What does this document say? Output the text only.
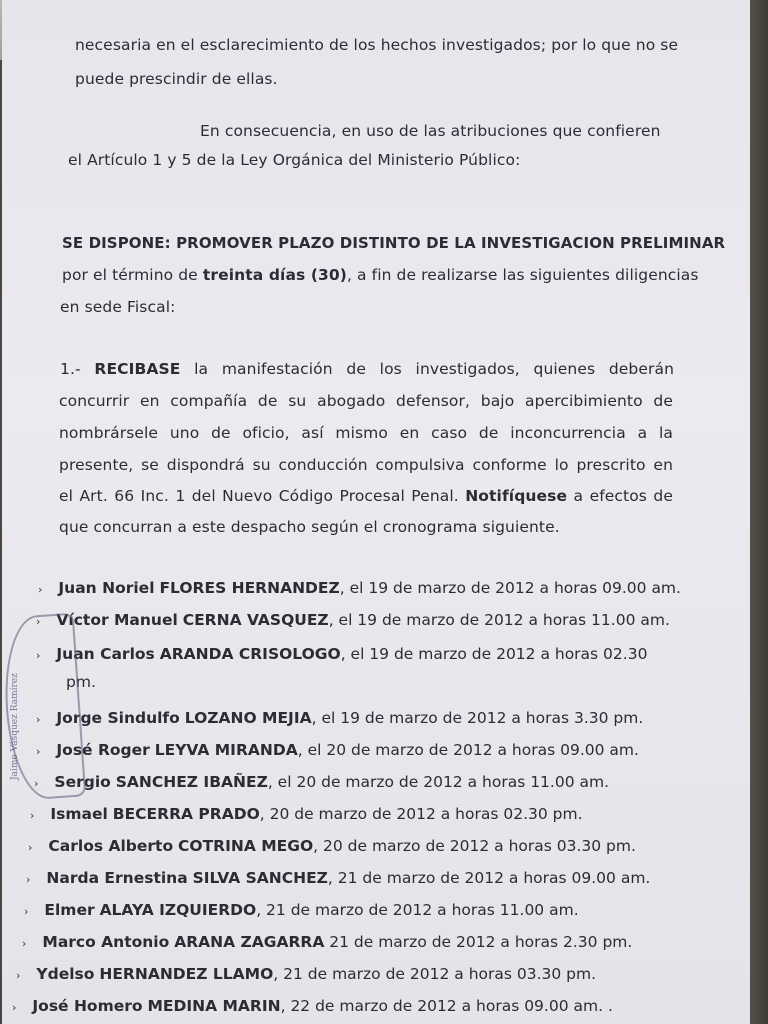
necesaria en el esclarecimiento de los hechos investigados; por lo que no se

puede prescindir de ellas.

En consecuencia, en uso de las atribuciones que confieren

el Artículo 1 y 5 de la Ley Orgánica del Ministerio Público:

SE DISPONE: PROMOVER PLAZO DISTINTO DE LA INVESTIGACION PRELIMINAR

por el término de treinta días (30), a fin de realizarse las siguientes diligencias

en sede Fiscal:

1.- RECIBASE la manifestación de los investigados, quienes deberán

concurrir en compañía de su abogado defensor, bajo apercibimiento de

nombrársele uno de oficio, así mismo en caso de inconcurrencia a la

presente, se dispondrá su conducción compulsiva conforme lo prescrito en

el Art. 66 Inc. 1 del Nuevo Código Procesal Penal. Notifíquese a efectos de

que concurran a este despacho según el cronograma siguiente.

› Juan Noriel FLORES HERNANDEZ, el 19 de marzo de 2012 a horas 09.00 am.
› Víctor Manuel CERNA VASQUEZ, el 19 de marzo de 2012 a horas 11.00 am.
› Juan Carlos ARANDA CRISOLOGO, el 19 de marzo de 2012 a horas 02.30
pm.
› Jorge Sindulfo LOZANO MEJIA, el 19 de marzo de 2012 a horas 3.30 pm.
› José Roger LEYVA MIRANDA, el 20 de marzo de 2012 a horas 09.00 am.
› Sergio SANCHEZ IBAÑEZ, el 20 de marzo de 2012 a horas 11.00 am.
› Ismael BECERRA PRADO, 20 de marzo de 2012 a horas 02.30 pm.
› Carlos Alberto COTRINA MEGO, 20 de marzo de 2012 a horas 03.30 pm.
› Narda Ernestina SILVA SANCHEZ, 21 de marzo de 2012 a horas 09.00 am.
› Elmer ALAYA IZQUIERDO, 21 de marzo de 2012 a horas 11.00 am.
› Marco Antonio ARANA ZAGARRA 21 de marzo de 2012 a horas 2.30 pm.
› Ydelso HERNANDEZ LLAMO, 21 de marzo de 2012 a horas 03.30 pm.
› José Homero MEDINA MARIN, 22 de marzo de 2012 a horas 09.00 am. .
Jaime Vásquez Ramírez
